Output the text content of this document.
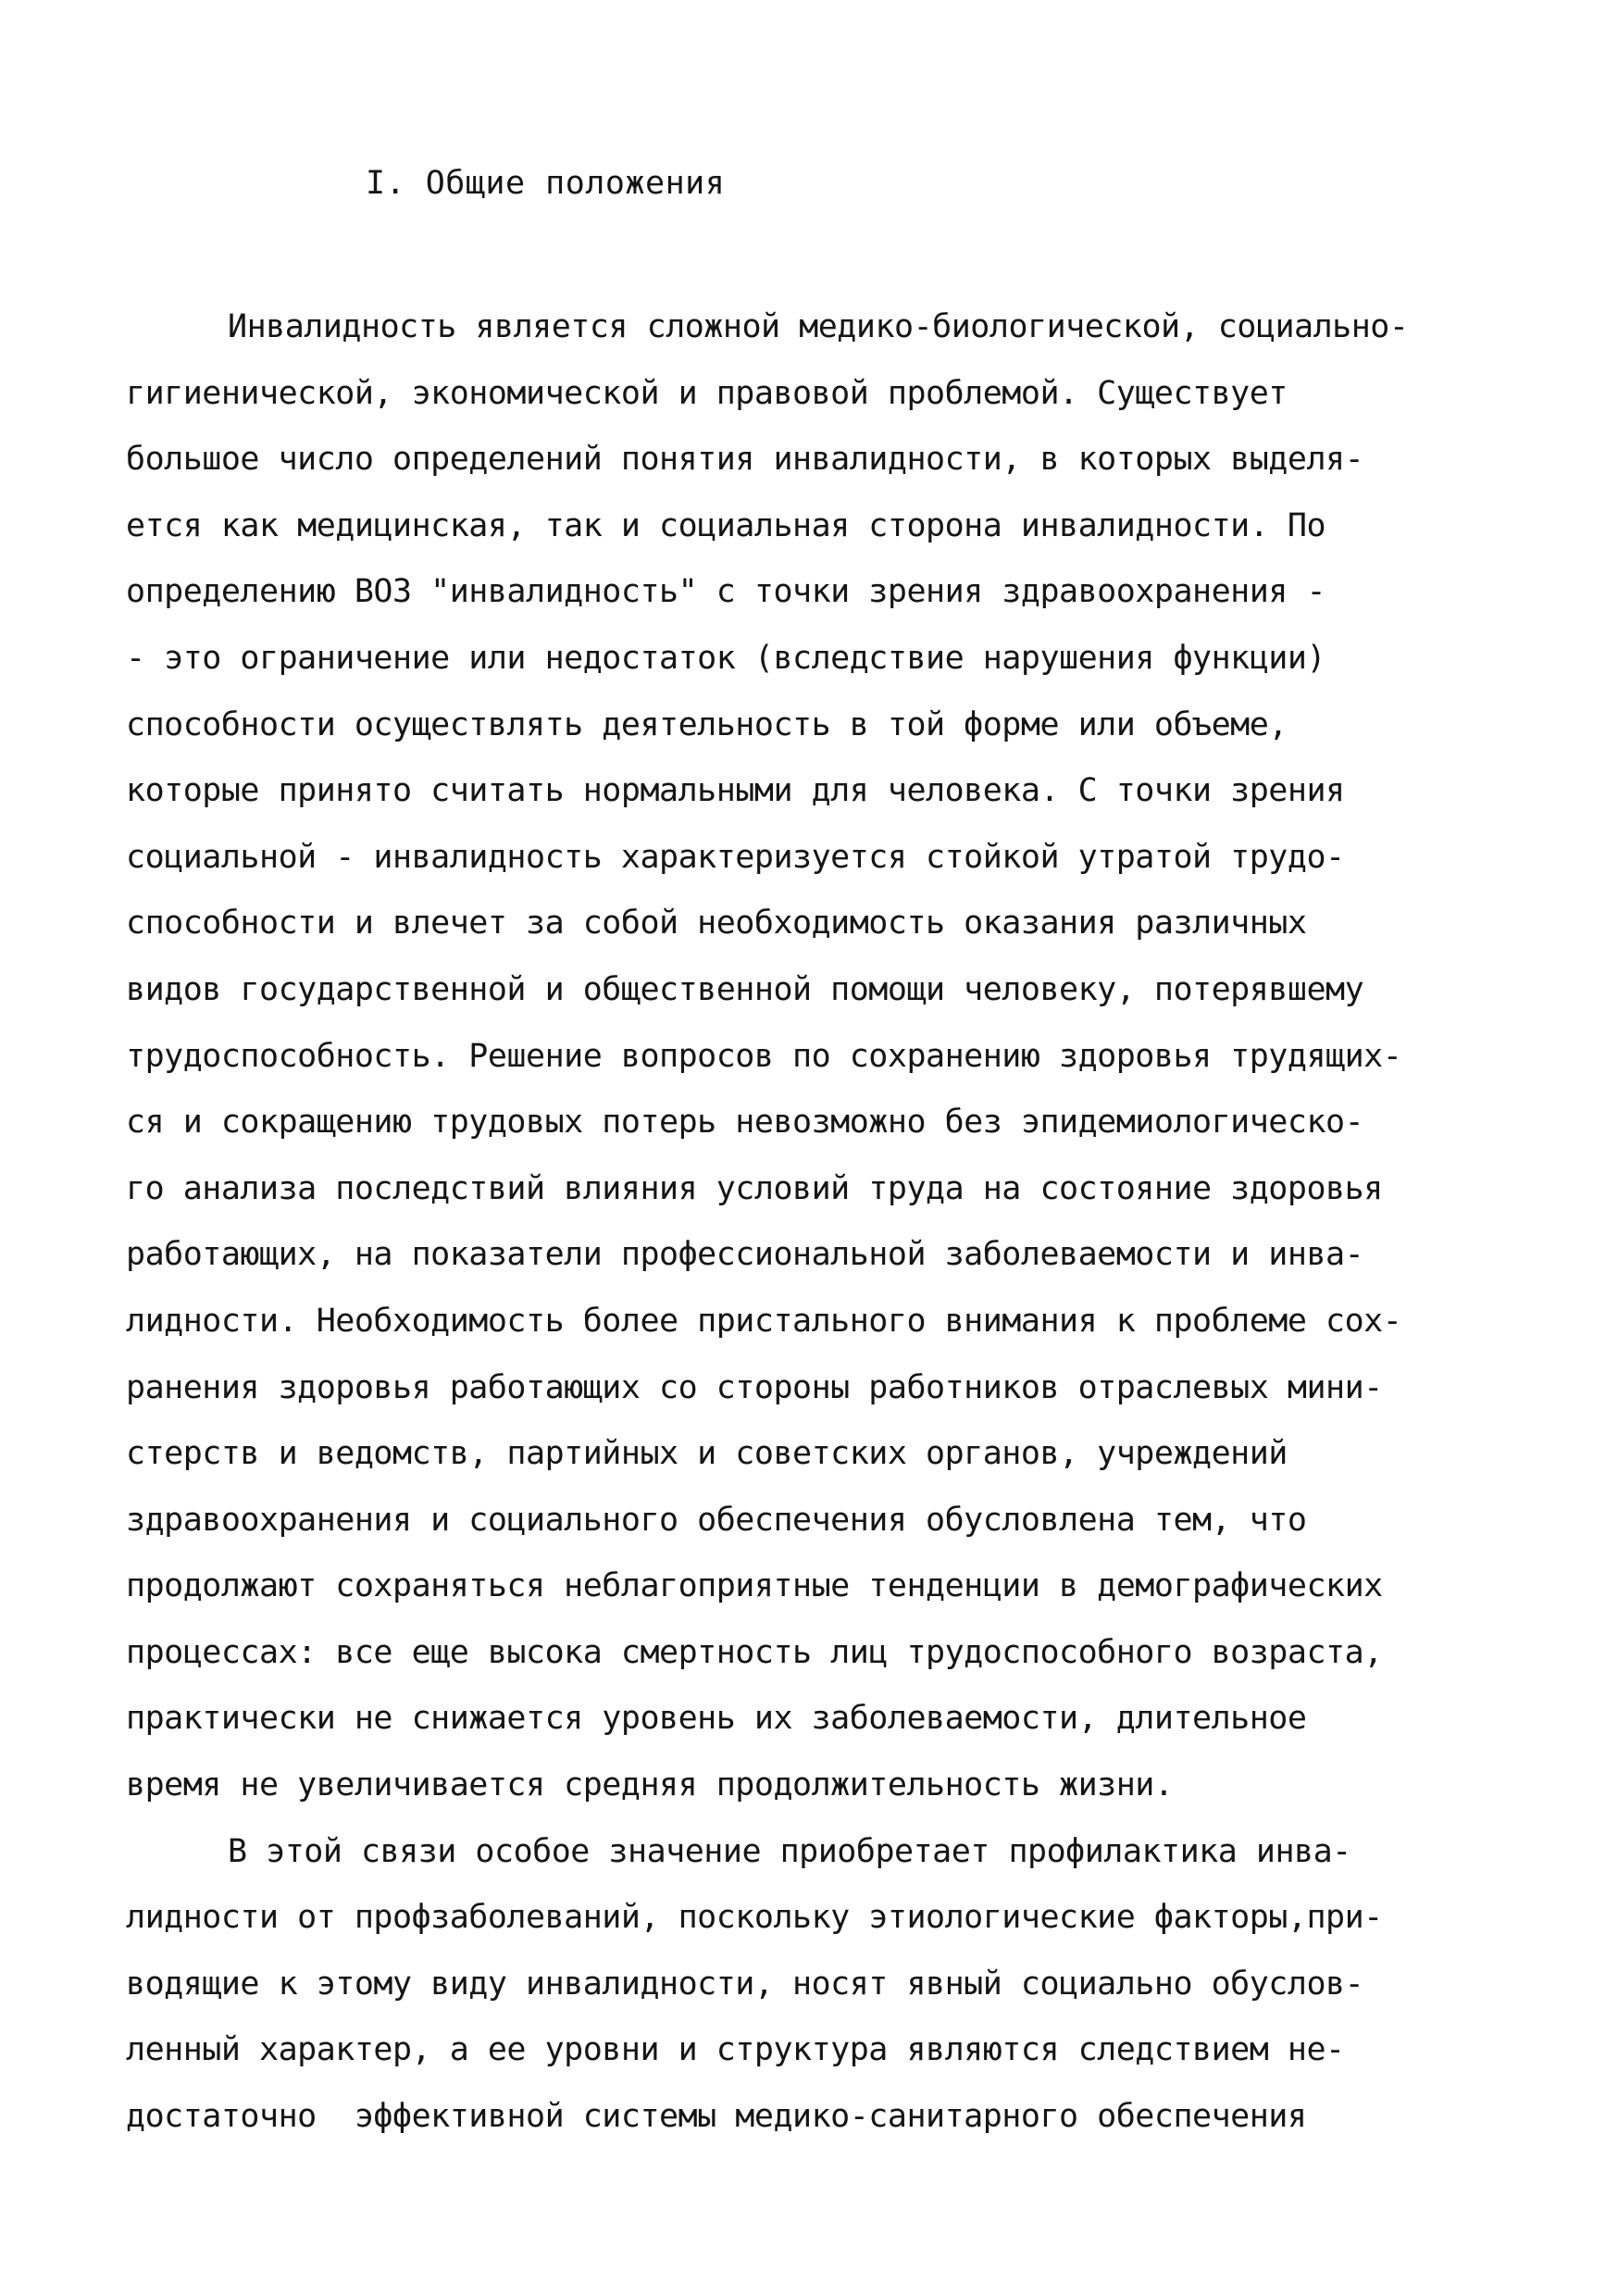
I. Общие положения
Инвалидность является сложной медико-биологической, социально-
гигиенической, экономической и правовой проблемой. Существует
большое число определений понятия инвалидности, в которых выделя-
ется как медицинская, так и социальная сторона инвалидности. По
определению ВОЗ "инвалидность" с точки зрения здравоохранения -
- это ограничение или недостаток (вследствие нарушения функции)
способности осуществлять деятельность в той форме или объеме,
которые принято считать нормальными для человека. С точки зрения
социальной - инвалидность характеризуется стойкой утратой трудо-
способности и влечет за собой необходимость оказания различных
видов государственной и общественной помощи человеку, потерявшему
трудоспособность. Решение вопросов по сохранению здоровья трудящих-
ся и сокращению трудовых потерь невозможно без эпидемиологическо-
го анализа последствий влияния условий труда на состояние здоровья
работающих, на показатели профессиональной заболеваемости и инва-
лидности. Необходимость более пристального внимания к проблеме сох-
ранения здоровья работающих со стороны работников отраслевых мини-
стерств и ведомств, партийных и советских органов, учреждений
здравоохранения и социального обеспечения обусловлена тем, что
продолжают сохраняться неблагоприятные тенденции в демографических
процессах: все еще высока смертность лиц трудоспособного возраста,
практически не снижается уровень их заболеваемости, длительное
время не увеличивается средняя продолжительность жизни.
В этой связи особое значение приобретает профилактика инва-
лидности от профзаболеваний, поскольку этиологические факторы,при-
водящие к этому виду инвалидности, носят явный социально обуслов-
ленный характер, а ее уровни и структура являются следствием не-
достаточно  эффективной системы медико-санитарного обеспечения
